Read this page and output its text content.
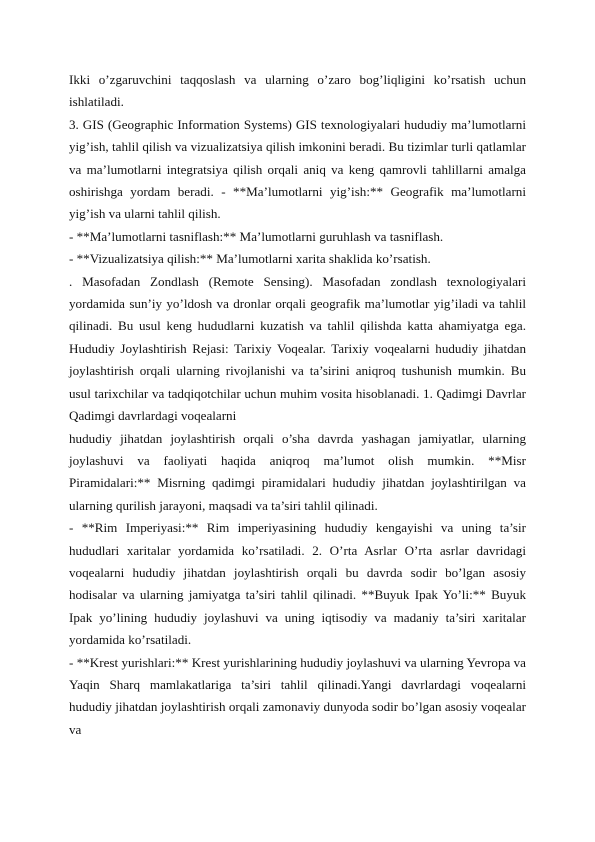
Ikki o’zgaruvchini taqqoslash va ularning o’zaro bog’liqligini ko’rsatish uchun ishlatiladi.

3. GIS (Geographic Information Systems) GIS texnologiyalari hududiy ma’lumotlarni yig’ish, tahlil qilish va vizualizatsiya qilish imkonini beradi. Bu tizimlar turli qatlamlar va ma’lumotlarni integratsiya qilish orqali aniq va keng qamrovli tahlillarni amalga oshirishga yordam beradi. - **Ma’lumotlarni yig’ish:** Geografik ma’lumotlarni yig’ish va ularni tahlil qilish.

- **Ma’lumotlarni tasniflash:** Ma’lumotlarni guruhlash va tasniflash.

- **Vizualizatsiya qilish:** Ma’lumotlarni xarita shaklida ko’rsatish.

. Masofadan Zondlash (Remote Sensing). Masofadan zondlash texnologiyalari yordamida sun’iy yo’ldosh va dronlar orqali geografik ma’lumotlar yig’iladi va tahlil qilinadi. Bu usul keng hududlarni kuzatish va tahlil qilishda katta ahamiyatga ega. Hududiy Joylashtirish Rejasi: Tarixiy Voqealar. Tarixiy voqealarni hududiy jihatdan joylashtirish orqali ularning rivojlanishi va ta’sirini aniqroq tushunish mumkin. Bu usul tarixchilar va tadqiqotchilar uchun muhim vosita hisoblanadi. 1. Qadimgi Davrlar Qadimgi davrlardagi voqealarni

hududiy jihatdan joylashtirish orqali o’sha davrda yashagan jamiyatlar, ularning joylashuvi va faoliyati haqida aniqroq ma’lumot olish mumkin. **Misr Piramidalari:** Misrning qadimgi piramidalari hududiy jihatdan joylashtirilgan va ularning qurilish jarayoni, maqsadi va ta’siri tahlil qilinadi.

- **Rim Imperiyasi:** Rim imperiyasining hududiy kengayishi va uning ta’sir hududlari xaritalar yordamida ko’rsatiladi. 2. O’rta Asrlar O’rta asrlar davridagi voqealarni hududiy jihatdan joylashtirish orqali bu davrda sodir bo’lgan asosiy hodisalar va ularning jamiyatga ta’siri tahlil qilinadi. **Buyuk Ipak Yo’li:** Buyuk Ipak yo’lining hududiy joylashuvi va uning iqtisodiy va madaniy ta’siri xaritalar yordamida ko’rsatiladi.

- **Krest yurishlari:** Krest yurishlarining hududiy joylashuvi va ularning Yevropa va Yaqin Sharq mamlakatlariga ta’siri tahlil qilinadi.Yangi davrlardagi voqealarni hududiy jihatdan joylashtirish orqali zamonaviy dunyoda sodir bo’lgan asosiy voqealar va
